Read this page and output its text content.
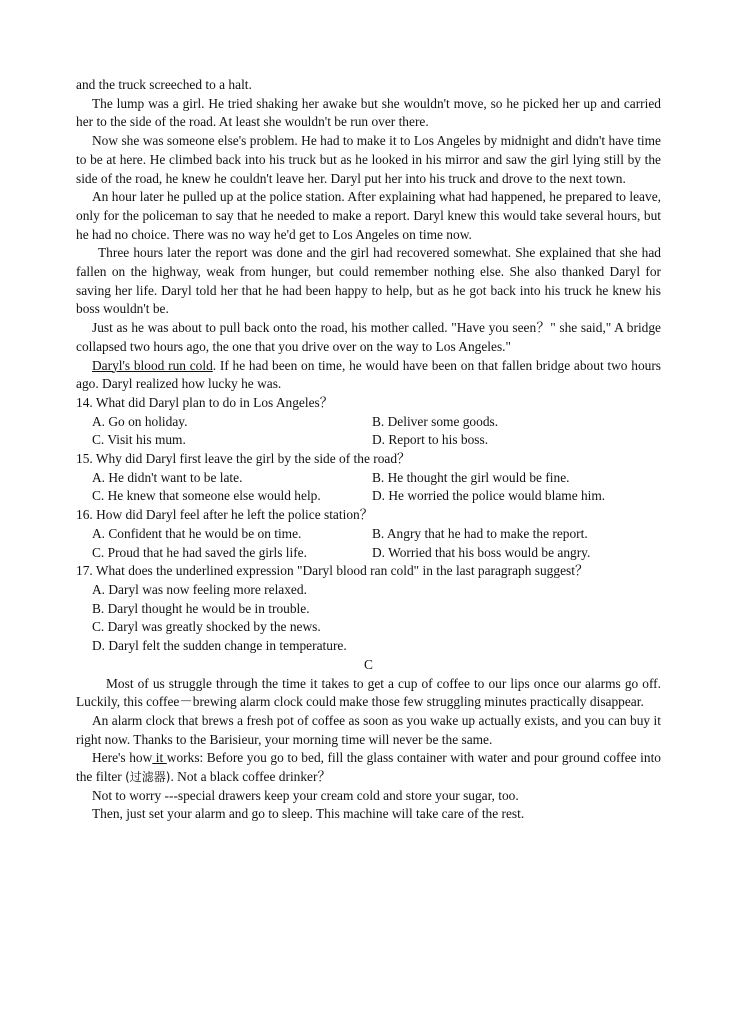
and the truck screeched to a halt.

The lump was a girl. He tried shaking her awake but she wouldn't move, so he picked her up and carried her to the side of the road. At least she wouldn't be run over there.

Now she was someone else's problem. He had to make it to Los Angeles by midnight and didn't have time to be at here. He climbed back into his truck but as he looked in his mirror and saw the girl lying still by the side of the road, he knew he couldn't leave her. Daryl put her into his truck and drove to the next town.

An hour later he pulled up at the police station. After explaining what had happened, he prepared to leave, only for the policeman to say that he needed to make a report. Daryl knew this would take several hours, but he had no choice. There was no way he'd get to Los Angeles on time now.

Three hours later the report was done and the girl had recovered somewhat. She explained that she had fallen on the highway, weak from hunger, but could remember nothing else. She also thanked Daryl for saving her life. Daryl told her that he had been happy to help, but as he got back into his truck he knew his boss wouldn't be.

Just as he was about to pull back onto the road, his mother called. "Have you seen？" she said," A bridge collapsed two hours ago, the one that you drive over on the way to Los Angeles."

Daryl's blood run cold. If he had been on time, he would have been on that fallen bridge about two hours ago. Daryl realized how lucky he was.

14. What did Daryl plan to do in Los Angeles？

A. Go on holiday.	B. Deliver some goods.
C. Visit his mum.	D. Report to his boss.

15. Why did Daryl first leave the girl by the side of the road？

A. He didn't want to be late.	B. He thought the girl would be fine.
C. He knew that someone else would help.	D. He worried the police would blame him.

16. How did Daryl feel after he left the police station？

A. Confident that he would be on time.	B. Angry that he had to make the report.
C. Proud that he had saved the girls life.	D. Worried that his boss would be angry.

17. What does the underlined expression "Daryl blood ran cold" in the last paragraph suggest？

A. Daryl was now feeling more relaxed.

B. Daryl thought he would be in trouble.

C. Daryl was greatly shocked by the news.

D. Daryl felt the sudden change in temperature.

C

Most of us struggle through the time it takes to get a cup of coffee to our lips once our alarms go off. Luckily, this coffee－brewing alarm clock could make those few struggling minutes practically disappear.

An alarm clock that brews a fresh pot of coffee as soon as you wake up actually exists, and you can buy it right now. Thanks to the Barisieur, your morning time will never be the same.

Here's how it works: Before you go to bed, fill the glass container with water and pour ground coffee into the filter (过滤器). Not a black coffee drinker？

Not to worry ---special drawers keep your cream cold and store your sugar, too.

Then, just set your alarm and go to sleep. This machine will take care of the rest.
